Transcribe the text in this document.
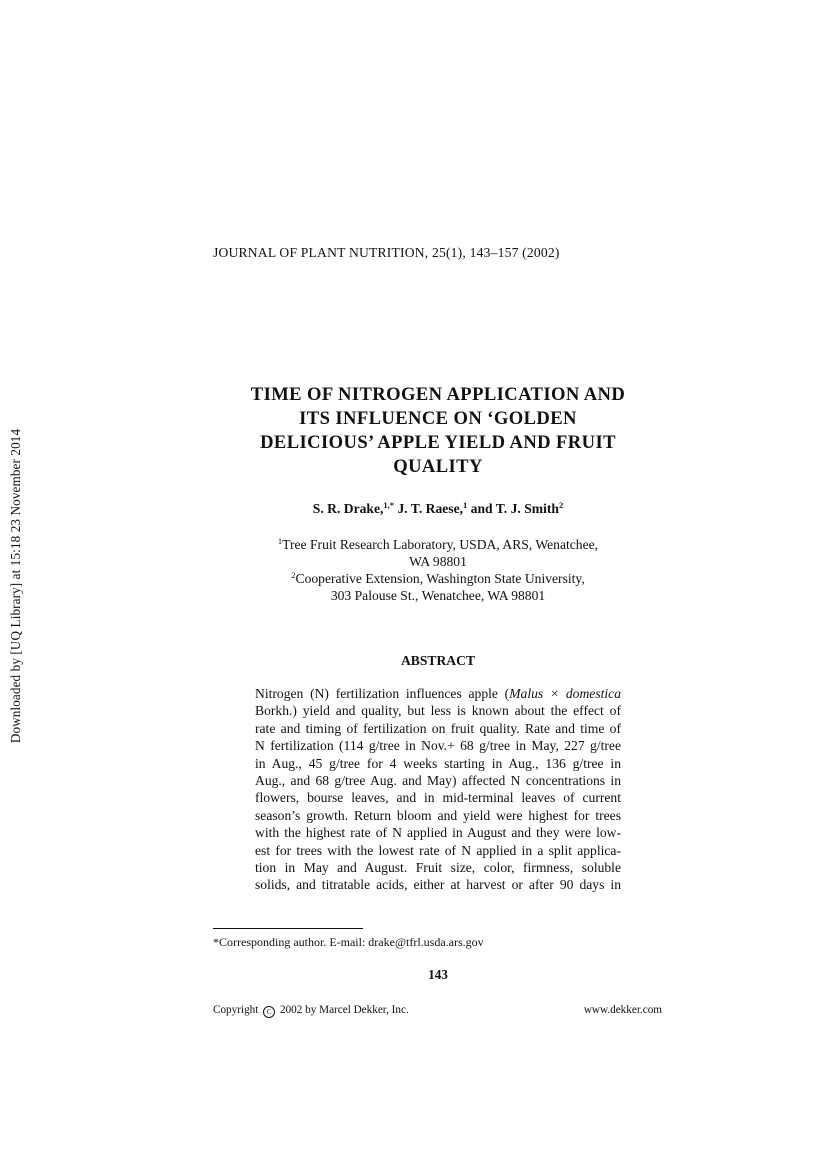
Downloaded by [UQ Library] at 15:18 23 November 2014
JOURNAL OF PLANT NUTRITION, 25(1), 143–157 (2002)
TIME OF NITROGEN APPLICATION AND
ITS INFLUENCE ON ‘GOLDEN
DELICIOUS’ APPLE YIELD AND FRUIT
QUALITY
S. R. Drake,$^{1,*}$ J. T. Raese,$^1$ and T. J. Smith$^2$
$^1$Tree Fruit Research Laboratory, USDA, ARS, Wenatchee,
WA 98801
$^2$Cooperative Extension, Washington State University,
303 Palouse St., Wenatchee, WA 98801
ABSTRACT
Nitrogen (N) fertilization influences apple (Malus × domestica
Borkh.) yield and quality, but less is known about the effect of
rate and timing of fertilization on fruit quality. Rate and time of
N fertilization (114 g/tree in Nov.+ 68 g/tree in May, 227 g/tree
in Aug., 45 g/tree for 4 weeks starting in Aug., 136 g/tree in
Aug., and 68 g/tree Aug. and May) affected N concentrations in
flowers, bourse leaves, and in mid-terminal leaves of current
season’s growth. Return bloom and yield were highest for trees
with the highest rate of N applied in August and they were low-
est for trees with the lowest rate of N applied in a split applica-
tion in May and August. Fruit size, color, firmness, soluble
solids, and titratable acids, either at harvest or after 90 days in
*Corresponding author. E-mail: drake@tfrl.usda.ars.gov
143
Copyright C 2002 by Marcel Dekker, Inc.	www.dekker.com
